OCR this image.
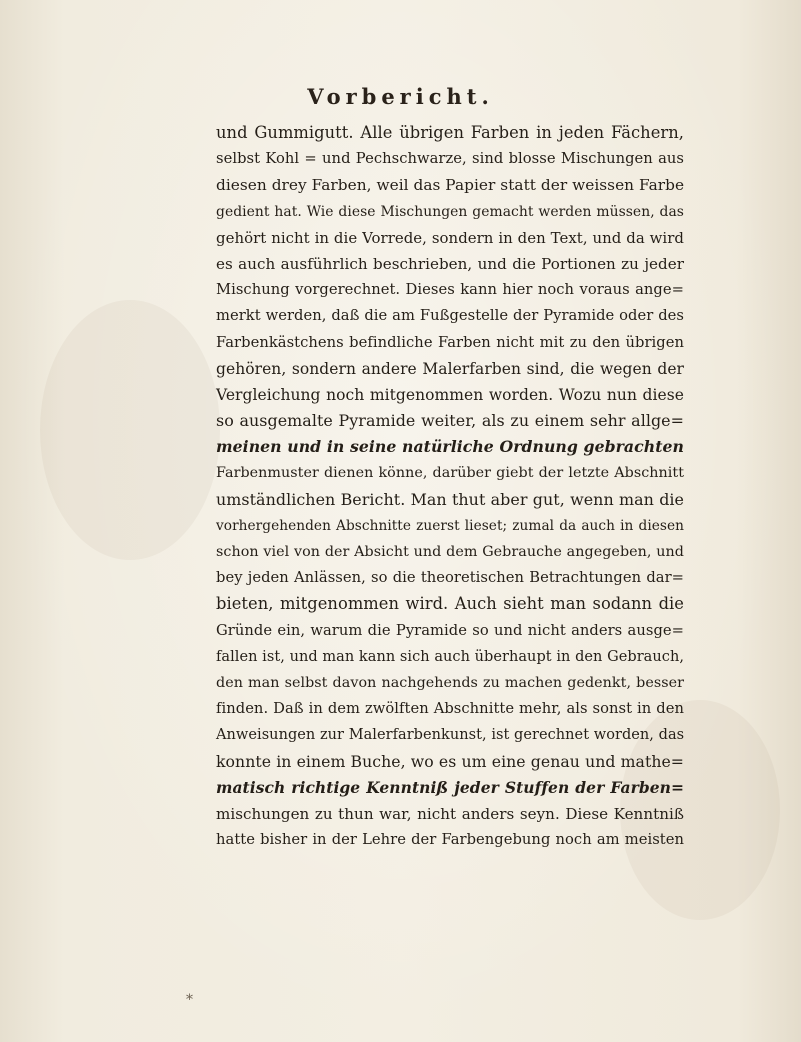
Vorbericht.
und Gummigutt. Alle übrigen Farben in jeden Fächern,
selbst Kohl = und Pechschwarze, sind blosse Mischungen aus
diesen drey Farben, weil das Papier statt der weissen Farbe
gedient hat. Wie diese Mischungen gemacht werden müssen, das
gehört nicht in die Vorrede, sondern in den Text, und da wird
es auch ausführlich beschrieben, und die Portionen zu jeder
Mischung vorgerechnet. Dieses kann hier noch voraus ange=
merkt werden, daß die am Fußgestelle der Pyramide oder des
Farbenkästchens befindliche Farben nicht mit zu den übrigen
gehören, sondern andere Malerfarben sind, die wegen der
Vergleichung noch mitgenommen worden. Wozu nun diese
so ausgemalte Pyramide weiter, als zu einem sehr allge=
meinen und in seine natürliche Ordnung gebrachten
Farbenmuster dienen könne, darüber giebt der letzte Abschnitt
umständlichen Bericht. Man thut aber gut, wenn man die
vorhergehenden Abschnitte zuerst lieset; zumal da auch in diesen
schon viel von der Absicht und dem Gebrauche angegeben, und
bey jeden Anlässen, so die theoretischen Betrachtungen dar=
bieten, mitgenommen wird. Auch sieht man sodann die
Gründe ein, warum die Pyramide so und nicht anders ausge=
fallen ist, und man kann sich auch überhaupt in den Gebrauch,
den man selbst davon nachgehends zu machen gedenkt, besser
finden. Daß in dem zwölften Abschnitte mehr, als sonst in den
Anweisungen zur Malerfarbenkunst, ist gerechnet worden, das
konnte in einem Buche, wo es um eine genau und mathe=
matisch richtige Kenntniß jeder Stuffen der Farben=
mischungen zu thun war, nicht anders seyn. Diese Kenntniß
hatte bisher in der Lehre der Farbengebung noch am meisten
*
